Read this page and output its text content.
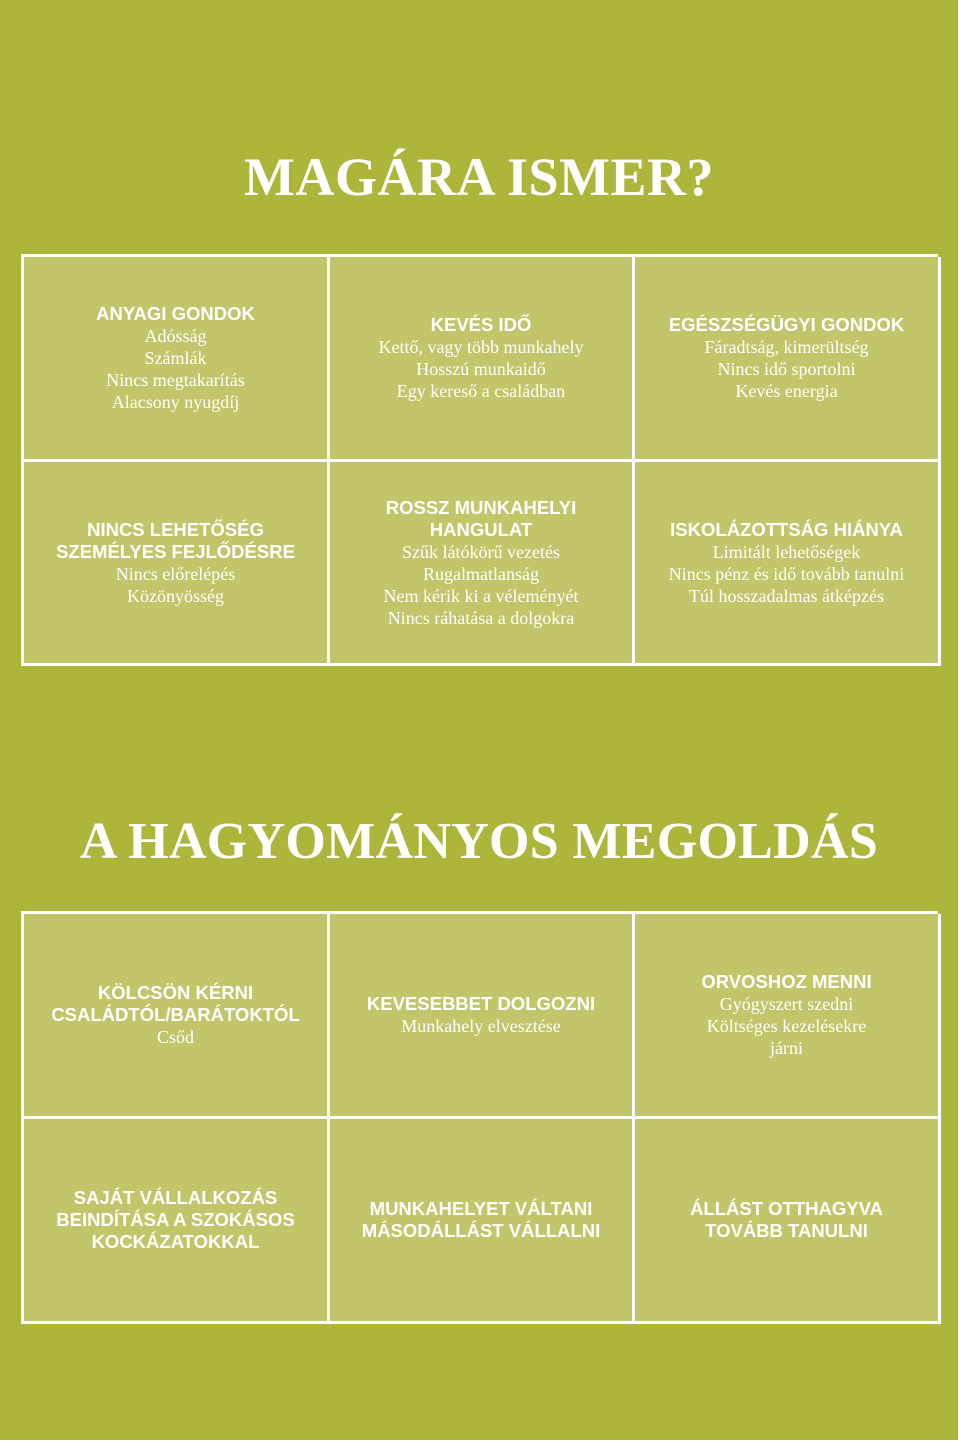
MAGÁRA ISMER?
ANYAGI GONDOK
Adósság
Számlák
Nincs megtakarítás
Alacsony nyugdíj
KEVÉS IDŐ
Kettő, vagy több munkahely
Hosszú munkaidő
Egy kereső a családban
EGÉSZSÉGÜGYI GONDOK
Fáradtság, kimerültség
Nincs idő sportolni
Kevés energia
NINCS LEHETŐSÉG
SZEMÉLYES FEJLŐDÉSRE
Nincs előrelépés
Közönyösség
ROSSZ MUNKAHELYI
HANGULAT
Szűk látókörű vezetés
Rugalmatlanság
Nem kérik ki a véleményét
Nincs ráhatása a dolgokra
ISKOLÁZOTTSÁG HIÁNYA
Limitált lehetőségek
Nincs pénz és idő tovább tanulni
Túl hosszadalmas átképzés
A HAGYOMÁNYOS MEGOLDÁS
KÖLCSÖN KÉRNI
CSALÁDTÓL/BARÁTOKTÓL
Csőd
KEVESEBBET DOLGOZNI
Munkahely elvesztése
ORVOSHOZ MENNI
Gyógyszert szedni
Költséges kezelésekre
járni
SAJÁT VÁLLALKOZÁS
BEINDÍTÁSA A SZOKÁSOS
KOCKÁZATOKKAL
MUNKAHELYET VÁLTANI
MÁSODÁLLÁST VÁLLALNI
ÁLLÁST OTTHAGYVA
TOVÁBB TANULNI
